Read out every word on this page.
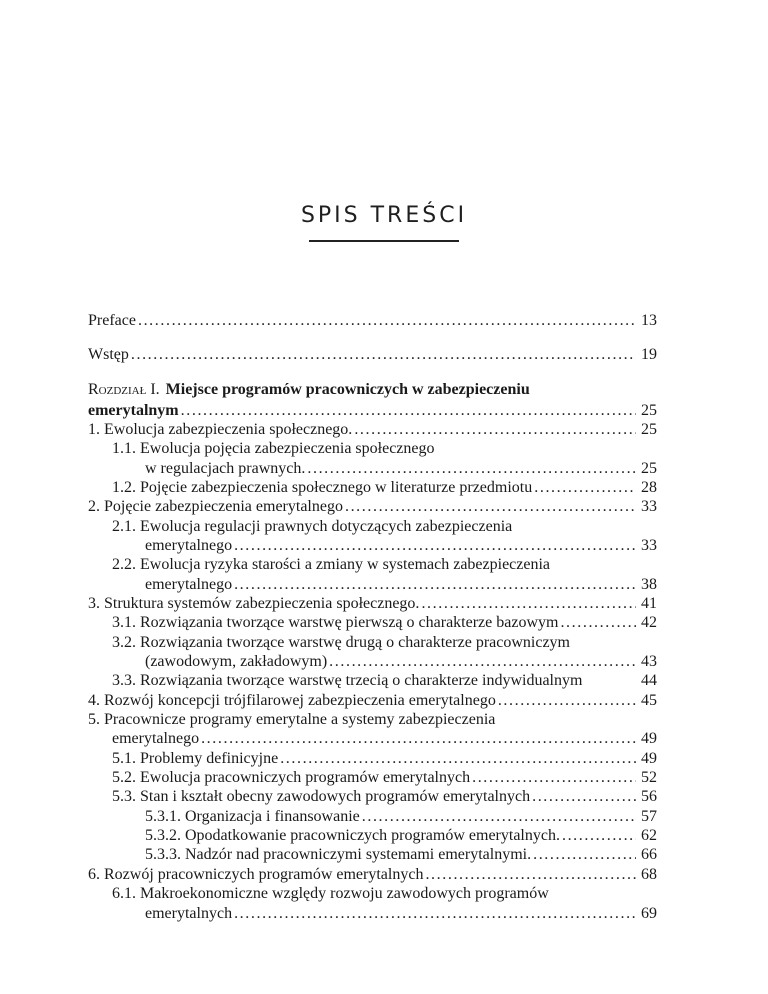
SPIS TREŚCI
Preface . . .	13
Wstęp . . .	19
Rozdział I. Miejsce programów pracowniczych w zabezpieczeniu
emerytalnym . . .	25
1. Ewolucja zabezpieczenia społecznego. . . .	25
1.1. Ewolucja pojęcia zabezpieczenia społecznego
w regulacjach prawnych. . . .	25
1.2. Pojęcie zabezpieczenia społecznego w literaturze przedmiotu . . .	28
2. Pojęcie zabezpieczenia emerytalnego . . .	33
2.1. Ewolucja regulacji prawnych dotyczących zabezpieczenia
emerytalnego . . .	33
2.2. Ewolucja ryzyka starości a zmiany w systemach zabezpieczenia
emerytalnego . . .	38
3. Struktura systemów zabezpieczenia społecznego. . . .	41
3.1. Rozwiązania tworzące warstwę pierwszą o charakterze bazowym . . .	42
3.2. Rozwiązania tworzące warstwę drugą o charakterze pracowniczym
(zawodowym, zakładowym) . . .	43
3.3. Rozwiązania tworzące warstwę trzecią o charakterze indywidualnym	44
4. Rozwój koncepcji trójfilarowej zabezpieczenia emerytalnego . . .	45
5. Pracownicze programy emerytalne a systemy zabezpieczenia
emerytalnego . . .	49
5.1. Problemy definicyjne . . .	49
5.2. Ewolucja pracowniczych programów emerytalnych . . .	52
5.3. Stan i kształt obecny zawodowych programów emerytalnych . . .	56
5.3.1. Organizacja i finansowanie . . .	57
5.3.2. Opodatkowanie pracowniczych programów emerytalnych. . . .	62
5.3.3. Nadzór nad pracowniczymi systemami emerytalnymi. . . .	66
6. Rozwój pracowniczych programów emerytalnych . . .	68
6.1. Makroekonomiczne względy rozwoju zawodowych programów
emerytalnych . . .	69
